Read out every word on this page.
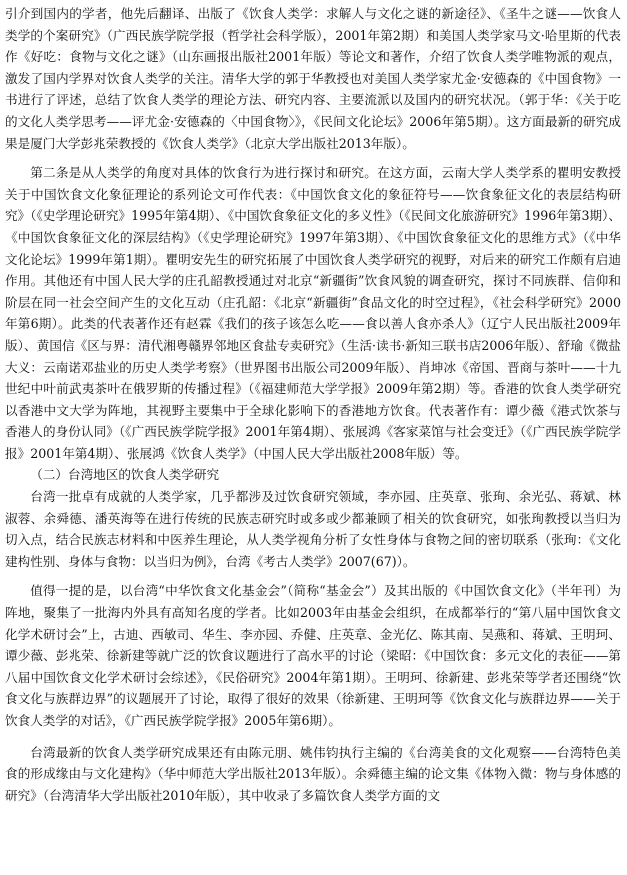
引介到国内的学者，他先后翻译、出版了《饮食人类学：求解人与文化之谜的新途径》、《圣牛之谜——饮食人类学的个案研究》（广西民族学院学报（哲学社会科学版），2001年第2期）和美国人类学家马文·哈里斯的代表作《好吃：食物与文化之谜》（山东画报出版社2001年版）等论文和著作，介绍了饮食人类学唯物派的观点，激发了国内学界对饮食人类学的关注。清华大学的郭于华教授也对美国人类学家尤金·安德森的《中国食物》一书进行了评述，总结了饮食人类学的理论方法、研究内容、主要流派以及国内的研究状况。（郭于华：《关于吃的文化人类学思考——评尤金·安德森的〈中国食物〉》，《民间文化论坛》2006年第5期）。这方面最新的研究成果是厦门大学彭兆荣教授的《饮食人类学》（北京大学出版社2013年版）。

第二条是从人类学的角度对具体的饮食行为进行探讨和研究。在这方面，云南大学人类学系的瞿明安教授关于中国饮食文化象征理论的系列论文可作代表：《中国饮食文化的象征符号——饮食象征文化的表层结构研究》（《史学理论研究》1995年第4期）、《中国饮食象征文化的多义性》（《民间文化旅游研究》1996年第3期）、《中国饮食象征文化的深层结构》（《史学理论研究》1997年第3期）、《中国饮食象征文化的思维方式》（《中华文化论坛》1999年第1期）。瞿明安先生的研究拓展了中国饮食人类学研究的视野，对后来的研究工作颇有启迪作用。其他还有中国人民大学的庄孔韶教授通过对北京“新疆街”饮食风貌的调查研究，探讨不同族群、信仰和阶层在同一社会空间产生的文化互动（庄孔韶：《北京“新疆街”食品文化的时空过程》，《社会科学研究》2000年第6期）。此类的代表著作还有赵霖《我们的孩子该怎么吃——食以善人食亦杀人》（辽宁人民出版社2009年版）、黄国信《区与界：清代湘粤赣界邻地区食盐专卖研究》（生活·读书·新知三联书店2006年版）、舒瑜《微盐大义：云南诺邓盐业的历史人类学考察》（世界图书出版公司2009年版）、肖坤冰《帝国、晋商与茶叶——十九世纪中叶前武夷茶叶在俄罗斯的传播过程》（《福建师范大学学报》2009年第2期）等。香港的饮食人类学研究以香港中文大学为阵地，其视野主要集中于全球化影响下的香港地方饮食。代表著作有：谭少薇《港式饮茶与香港人的身份认同》（《广西民族学院学报》2001年第4期）、张展鸿《客家菜馆与社会变迁》（《广西民族学院学报》2001年第4期）、张展鸿《饮食人类学》（中国人民大学出版社2008年版）等。

（二）台湾地区的饮食人类学研究

台湾一批卓有成就的人类学家，几乎都涉及过饮食研究领域，李亦园、庄英章、张珣、余光弘、蒋斌、林淑蓉、余舜德、潘英海等在进行传统的民族志研究时或多或少都兼顾了相关的饮食研究，如张珣教授以当归为切入点，结合民族志材料和中医养生理论，从人类学视角分析了女性身体与食物之间的密切联系（张珣：《文化建构性别、身体与食物：以当归为例》，台湾《考古人类学》2007(67)）。

值得一提的是，以台湾“中华饮食文化基金会”（简称“基金会”）及其出版的《中国饮食文化》（半年刊）为阵地，聚集了一批海内外具有高知名度的学者。比如2003年由基金会组织，在成都举行的“第八届中国饮食文化学术研讨会”上，古迪、西敏司、华生、李亦园、乔健、庄英章、金光亿、陈其南、吴燕和、蒋斌、王明珂、谭少薇、彭兆荣、徐新建等就广泛的饮食议题进行了高水平的讨论（梁昭：《中国饮食：多元文化的表征——第八届中国饮食文化学术研讨会综述》，《民俗研究》2004年第1期）。王明珂、徐新建、彭兆荣等学者还围绕“饮食文化与族群边界”的议题展开了讨论，取得了很好的效果（徐新建、王明珂等《饮食文化与族群边界——关于饮食人类学的对话》，《广西民族学院学报》2005年第6期）。

台湾最新的饮食人类学研究成果还有由陈元朋、姚伟钧执行主编的《台湾美食的文化观察——台湾特色美食的形成缘由与文化建构》（华中师范大学出版社2013年版）。余舜德主编的论文集《体物入微：物与身体感的研究》（台湾清华大学出版社2010年版），其中收录了多篇饮食人类学方面的文
